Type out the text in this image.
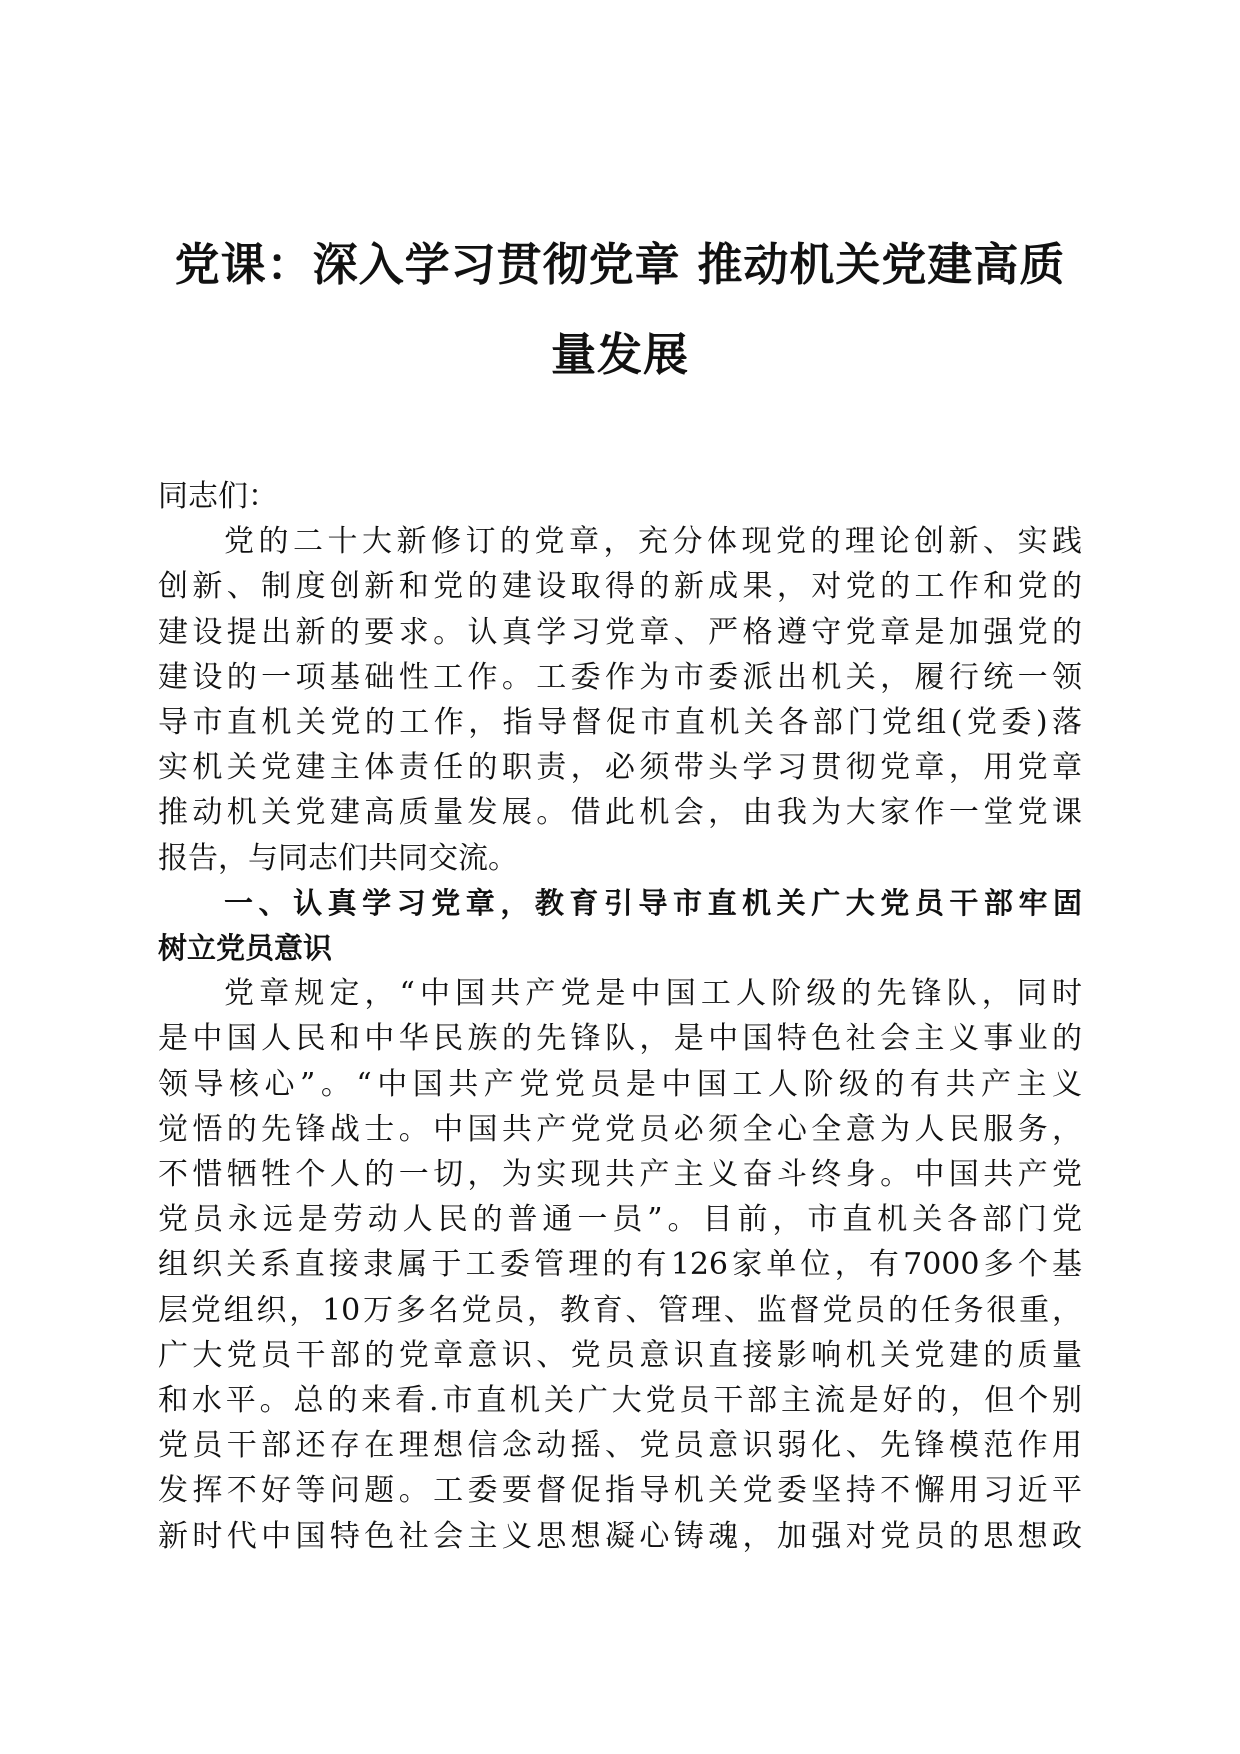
党课：深入学习贯彻党章 推动机关党建高质
量发展
同志们：
党的二十大新修订的党章，充分体现党的理论创新、实践
创新、制度创新和党的建设取得的新成果，对党的工作和党的
建设提出新的要求。认真学习党章、严格遵守党章是加强党的
建设的一项基础性工作。工委作为市委派出机关，履行统一领
导市直机关党的工作，指导督促市直机关各部门党组(党委)落
实机关党建主体责任的职责，必须带头学习贯彻党章，用党章
推动机关党建高质量发展。借此机会，由我为大家作一堂党课
报告，与同志们共同交流。
一、认真学习党章，教育引导市直机关广大党员干部牢固
树立党员意识
党章规定，“中国共产党是中国工人阶级的先锋队，同时
是中国人民和中华民族的先锋队，是中国特色社会主义事业的
领导核心”。“中国共产党党员是中国工人阶级的有共产主义
觉悟的先锋战士。中国共产党党员必须全心全意为人民服务，
不惜牺牲个人的一切，为实现共产主义奋斗终身。中国共产党
党员永远是劳动人民的普通一员”。目前，市直机关各部门党
组织关系直接隶属于工委管理的有126家单位，有7000多个基
层党组织，10万多名党员，教育、管理、监督党员的任务很重，
广大党员干部的党章意识、党员意识直接影响机关党建的质量
和水平。总的来看.市直机关广大党员干部主流是好的，但个别
党员干部还存在理想信念动摇、党员意识弱化、先锋模范作用
发挥不好等问题。工委要督促指导机关党委坚持不懈用习近平
新时代中国特色社会主义思想凝心铸魂，加强对党员的思想政
